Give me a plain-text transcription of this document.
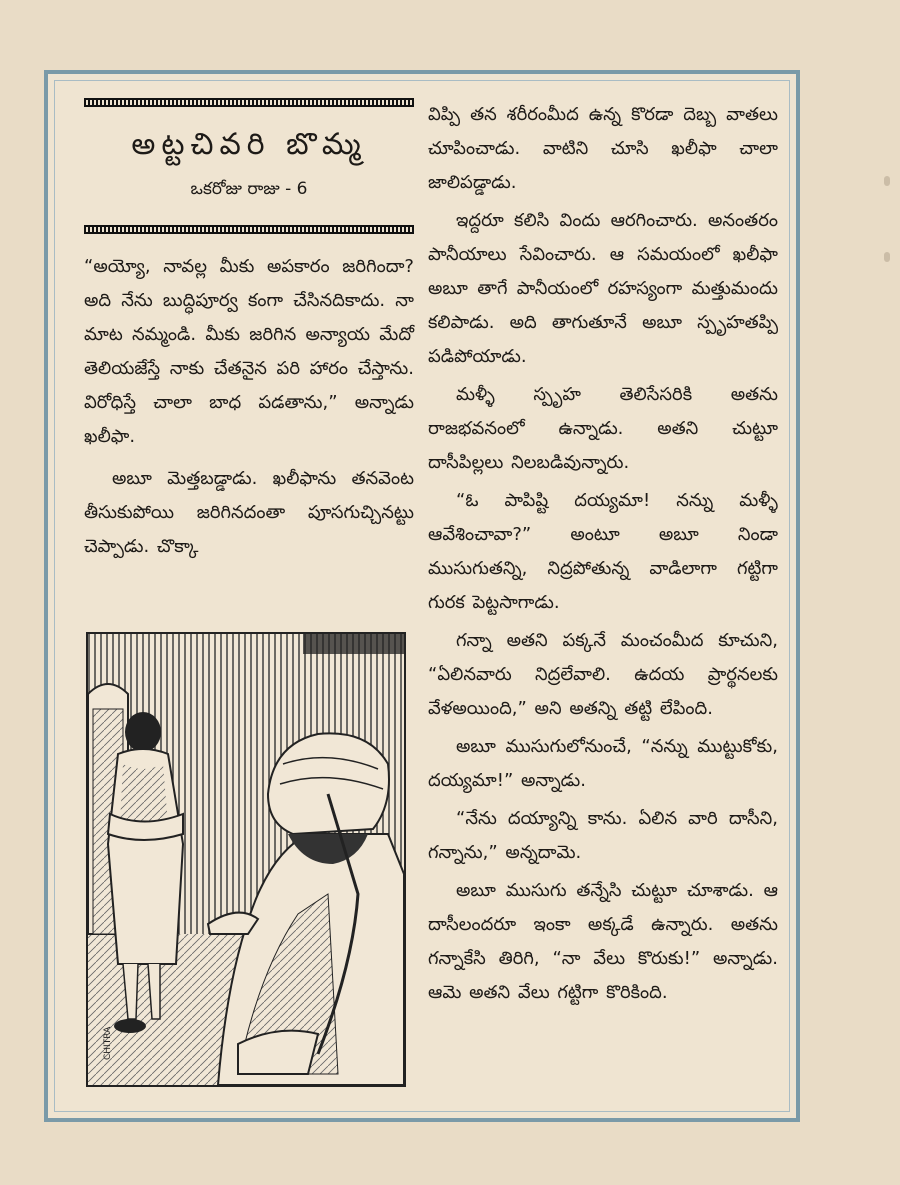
అట్టచివరి బొమ్మ

ఒకరోజు రాజు - 6

“అయ్యో, నావల్ల మీకు అపకారం జరిగిందా? అది నేను బుద్ధిపూర్వ కంగా చేసినదికాదు. నా మాట నమ్మండి. మీకు జరిగిన అన్యాయ మేదో తెలియజేస్తే నాకు చేతనైన పరి హారం చేస్తాను. విరోధిస్తే చాలా బాధ పడతాను,” అన్నాడు ఖలీఫా.

అబూ మెత్తబడ్డాడు. ఖలీఫాను తనవెంట తీసుకుపోయి జరిగినదంతా పూసగుచ్చినట్టు చెప్పాడు. చొక్కా

CHITRA

విప్పి తన శరీరంమీద ఉన్న కొరడా దెబ్బ వాతలు చూపించాడు. వాటిని చూసి ఖలీఫా చాలా జాలిపడ్డాడు.

ఇద్దరూ కలిసి విందు ఆరగించారు. అనంతరం పానీయాలు సేవించారు. ఆ సమయంలో ఖలీఫా అబూ తాగే పానీయంలో రహస్యంగా మత్తుమందు కలిపాడు. అది తాగుతూనే అబూ స్పృహతప్పి పడిపోయాడు.

మళ్ళీ స్పృహ తెలిసేసరికి అతను రాజభవనంలో ఉన్నాడు. అతని చుట్టూ దాసీపిల్లలు నిలబడివున్నారు.

“ఓ పాపిష్టి దయ్యమా! నన్ను మళ్ళీ ఆవేశించావా?” అంటూ అబూ నిండా ముసుగుతన్ని, నిద్రపోతున్న వాడిలాగా గట్టిగా గురక పెట్టసాగాడు.

గన్నా అతని పక్కనే మంచంమీద కూచుని, “ఏలినవారు నిద్రలేవాలి. ఉదయ ప్రార్థనలకు వేళఅయింది,” అని అతన్ని తట్టి లేపింది.

అబూ ముసుగులోనుంచే, “నన్ను ముట్టుకోకు, దయ్యమా!” అన్నాడు.

“నేను దయ్యాన్ని కాను. ఏలిన వారి దాసీని, గన్నాను,” అన్నదామె.

అబూ ముసుగు తన్నేసి చుట్టూ చూశాడు. ఆ దాసీలందరూ ఇంకా అక్కడే ఉన్నారు. అతను గన్నాకేసి తిరిగి, “నా వేలు కొరుకు!” అన్నాడు. ఆమె అతని వేలు గట్టిగా కొరికింది.
